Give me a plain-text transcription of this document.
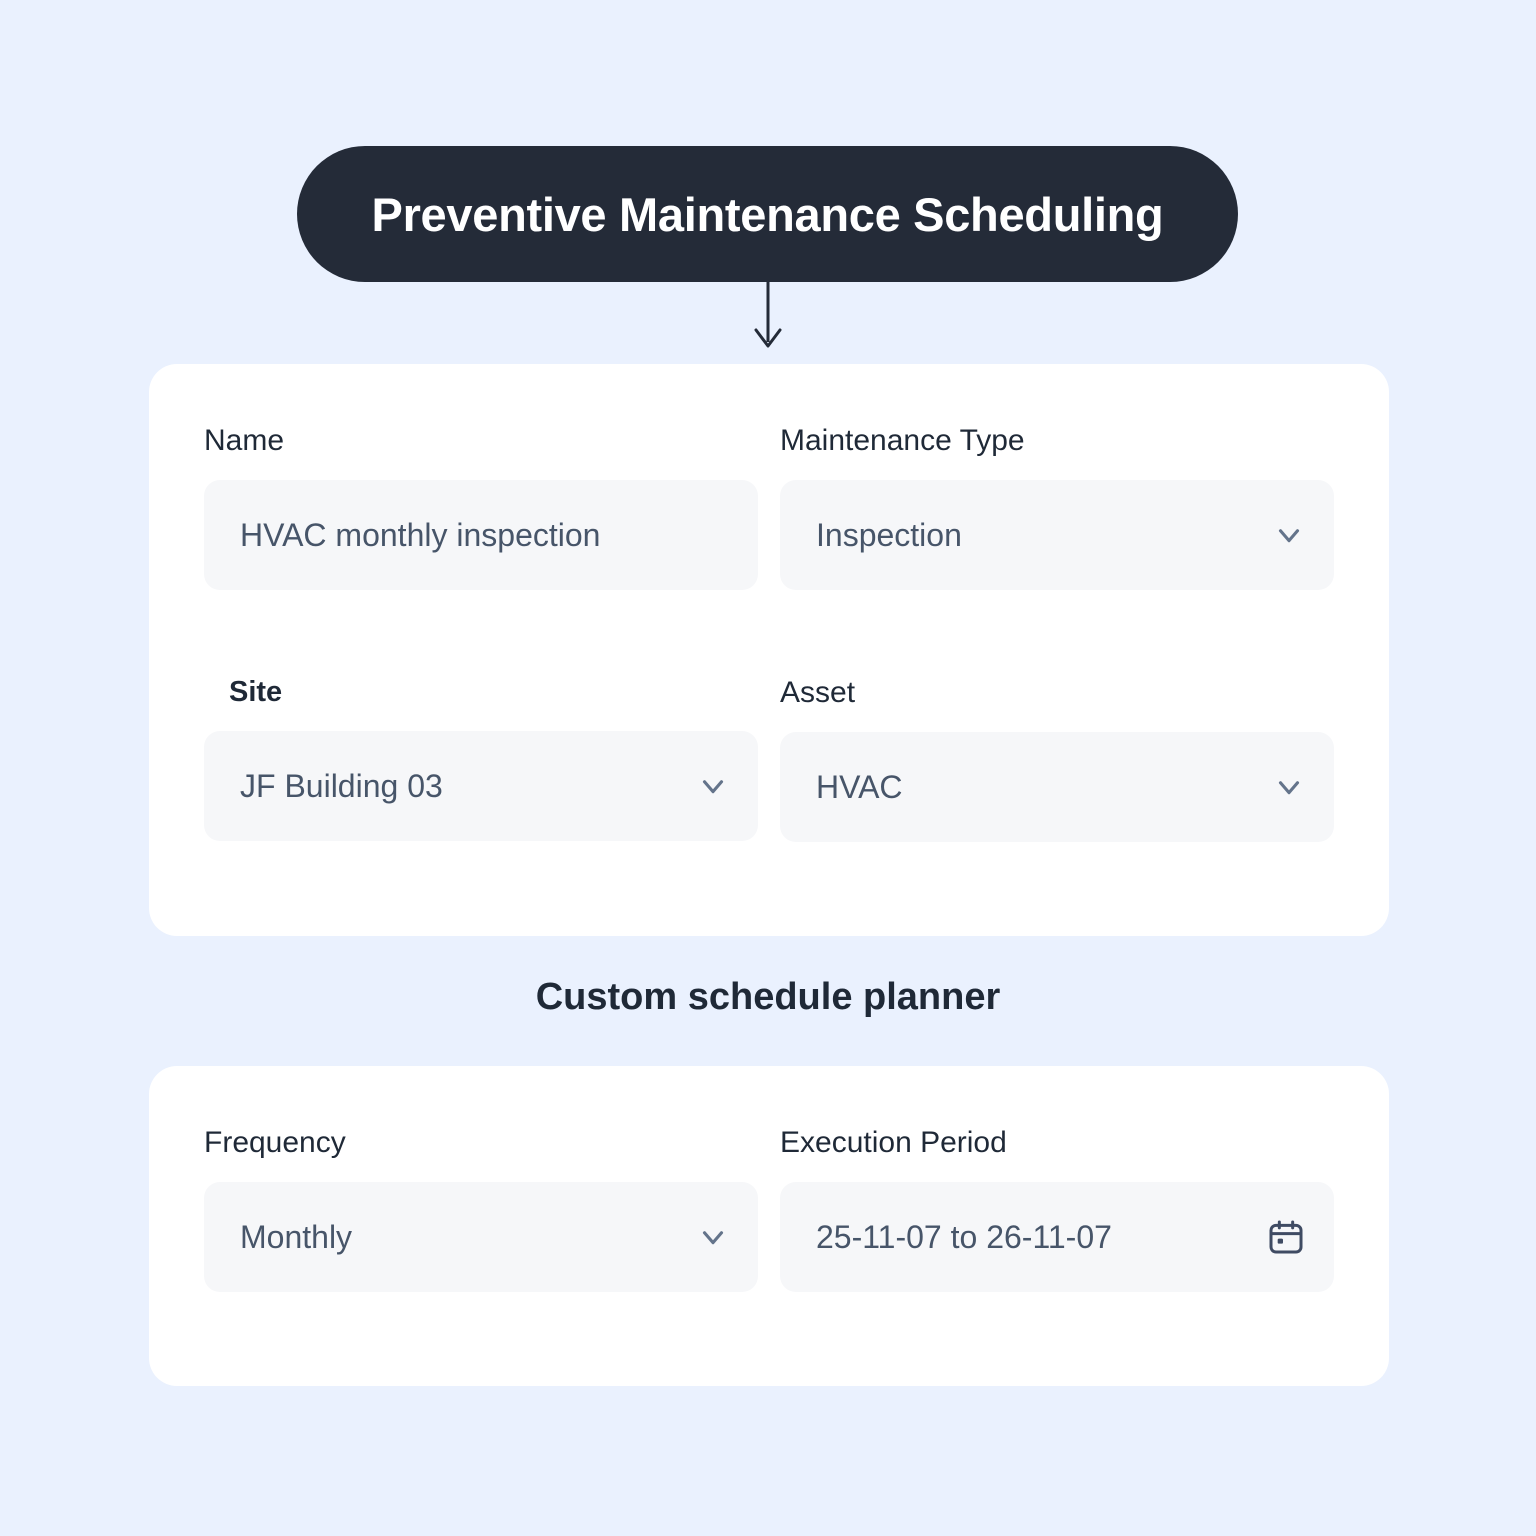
Preventive Maintenance Scheduling
Name
HVAC monthly inspection
Maintenance Type
Inspection
Site
JF Building 03
Asset
HVAC
Custom schedule planner
Frequency
Monthly
Execution Period
25-11-07 to 26-11-07
